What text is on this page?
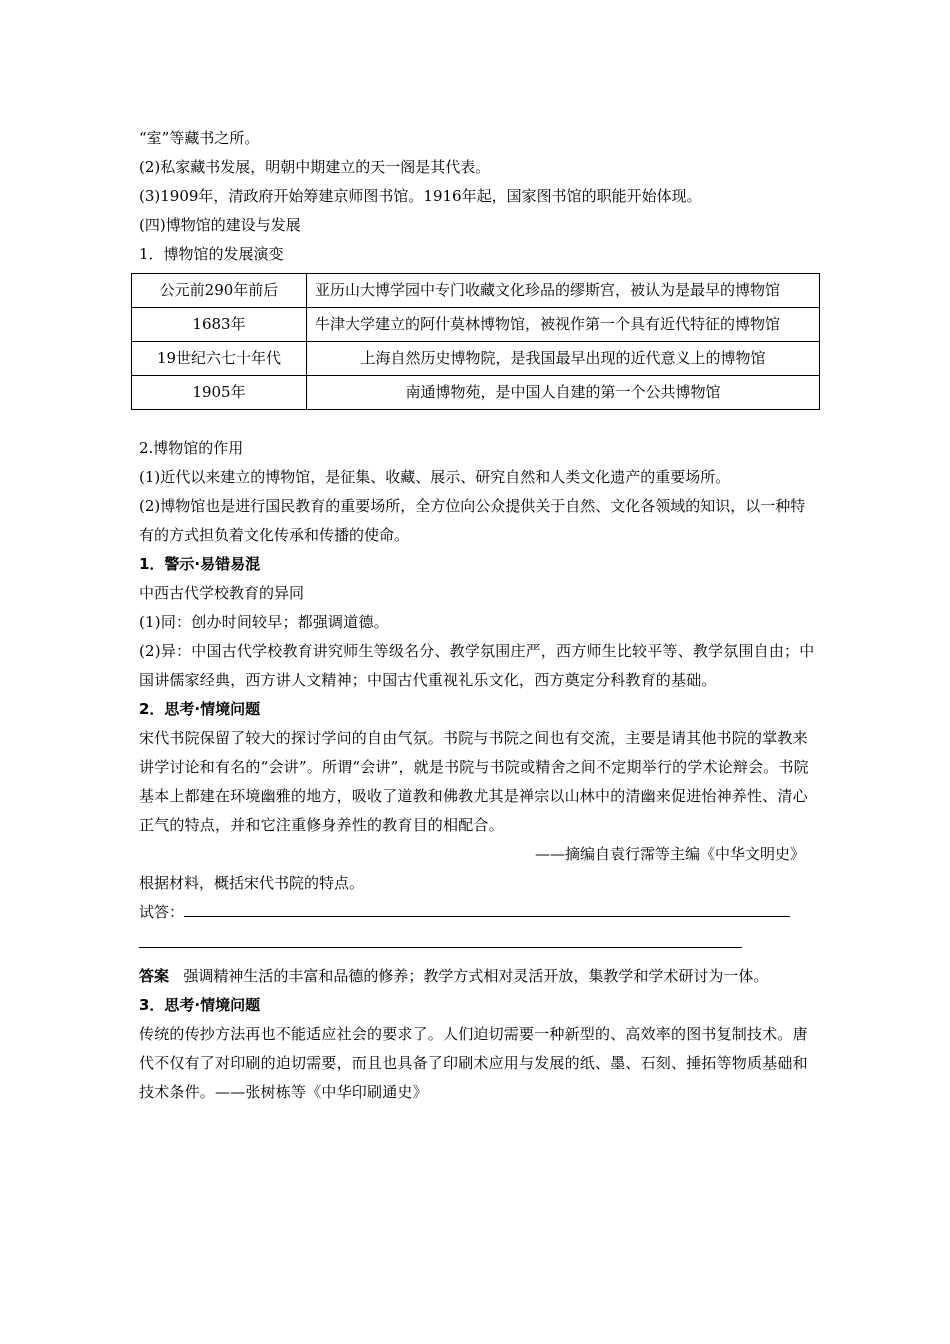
“室”等藏书之所。
(2)私家藏书发展，明朝中期建立的天一阁是其代表。
(3)1909年，清政府开始筹建京师图书馆。1916年起，国家图书馆的职能开始体现。
(四)博物馆的建设与发展
1．博物馆的发展演变
公元前290年前后	亚历山大博学园中专门收藏文化珍品的缪斯宫，被认为是最早的博物馆
1683年	牛津大学建立的阿什莫林博物馆，被视作第一个具有近代特征的博物馆
19世纪六七十年代	上海自然历史博物院，是我国最早出现的近代意义上的博物馆
1905年	南通博物苑，是中国人自建的第一个公共博物馆
2.博物馆的作用
(1)近代以来建立的博物馆，是征集、收藏、展示、研究自然和人类文化遗产的重要场所。
(2)博物馆也是进行国民教育的重要场所，全方位向公众提供关于自然、文化各领域的知识，以一种特有的方式担负着文化传承和传播的使命。
1．警示·易错易混
中西古代学校教育的异同
(1)同：创办时间较早；都强调道德。
(2)异：中国古代学校教育讲究师生等级名分、教学氛围庄严，西方师生比较平等、教学氛围自由；中国讲儒家经典，西方讲人文精神；中国古代重视礼乐文化，西方奠定分科教育的基础。
2．思考·情境问题
宋代书院保留了较大的探讨学问的自由气氛。书院与书院之间也有交流，主要是请其他书院的掌教来讲学讨论和有名的“会讲”。所谓“会讲”，就是书院与书院或精舍之间不定期举行的学术论辩会。书院基本上都建在环境幽雅的地方，吸收了道教和佛教尤其是禅宗以山林中的清幽来促进怡神养性、清心正气的特点，并和它注重修身养性的教育目的相配合。
——摘编自袁行霈等主编《中华文明史》
根据材料，概括宋代书院的特点。
试答：
答案 强调精神生活的丰富和品德的修养；教学方式相对灵活开放，集教学和学术研讨为一体。
3．思考·情境问题
传统的传抄方法再也不能适应社会的要求了。人们迫切需要一种新型的、高效率的图书复制技术。唐代不仅有了对印刷的迫切需要，而且也具备了印刷术应用与发展的纸、墨、石刻、捶拓等物质基础和技术条件。——张树栋等《中华印刷通史》
